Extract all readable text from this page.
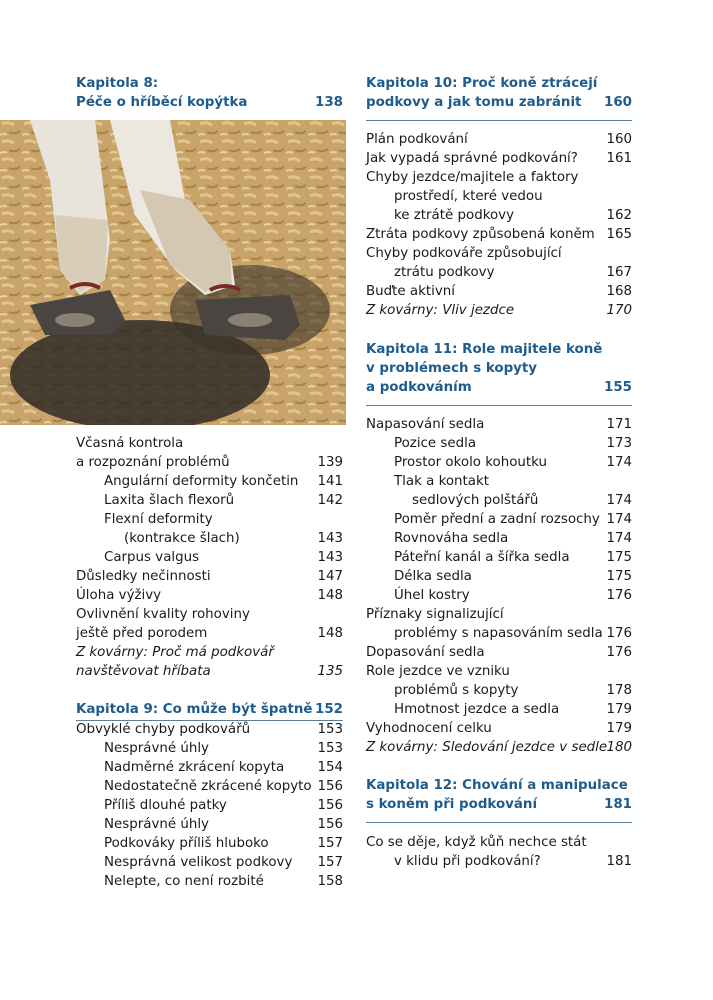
Kapitola 8:
Péče o hříběcí kopýtka	138
Včasná kontrola
a rozpoznání problémů	139
Angulární deformity končetin 141
Laxita šlach flexorů	142
Flexní deformity
(kontrakce šlach)	143
Carpus valgus	143
Důsledky nečinnosti	147
Úloha výživy	148
Ovlivnění kvality rohoviny
ještě před porodem	148
Z kovárny: Proč má podkovář
navštěvovat hříbata	135
Kapitola 9: Co může být špatně 152
Obvyklé chyby podkovářů	153
Nesprávné úhly	153
Nadměrné zkrácení kopyta 154
Nedostatečně zkrácené kopyto 156
Příliš dlouhé patky	156
Nesprávné úhly	156
Podkováky příliš hluboko	157
Nesprávná velikost podkovy 157
Nelepte, co není rozbité	158
Kapitola 10: Proč koně ztrácejí
podkovy a jak tomu zabránit	160
Plán podkování	160
Jak vypadá správné podkování? 161
Chyby jezdce/majitele a faktory
prostředí, které vedou
ke ztrátě podkovy	162
Ztráta podkovy způsobená koněm 165
Chyby podkováře způsobující
ztrátu podkovy	167
Buďte aktivní	168
Z kovárny: Vliv jezdce	170
Kapitola 11: Role majitele koně
v problémech s kopyty
a podkováním	155
Napasování sedla	171
Pozice sedla	173
Prostor okolo kohoutku	174
Tlak a kontakt
sedlových polštářů	174
Poměr přední a zadní rozsochy 174
Rovnováha sedla	174
Páteřní kanál a šířka sedla	175
Délka sedla	175
Úhel kostry	176
Příznaky signalizující
problémy s napasováním sedla 176
Dopasování sedla	176
Role jezdce ve vzniku
problémů s kopyty	178
Hmotnost jezdce a sedla	179
Vyhodnocení celku	179
Z kovárny: Sledování jezdce v sedle 180
Kapitola 12: Chování a manipulace
s koněm při podkování	181
Co se děje, když kůň nechce stát
v klidu při podkování?	181
